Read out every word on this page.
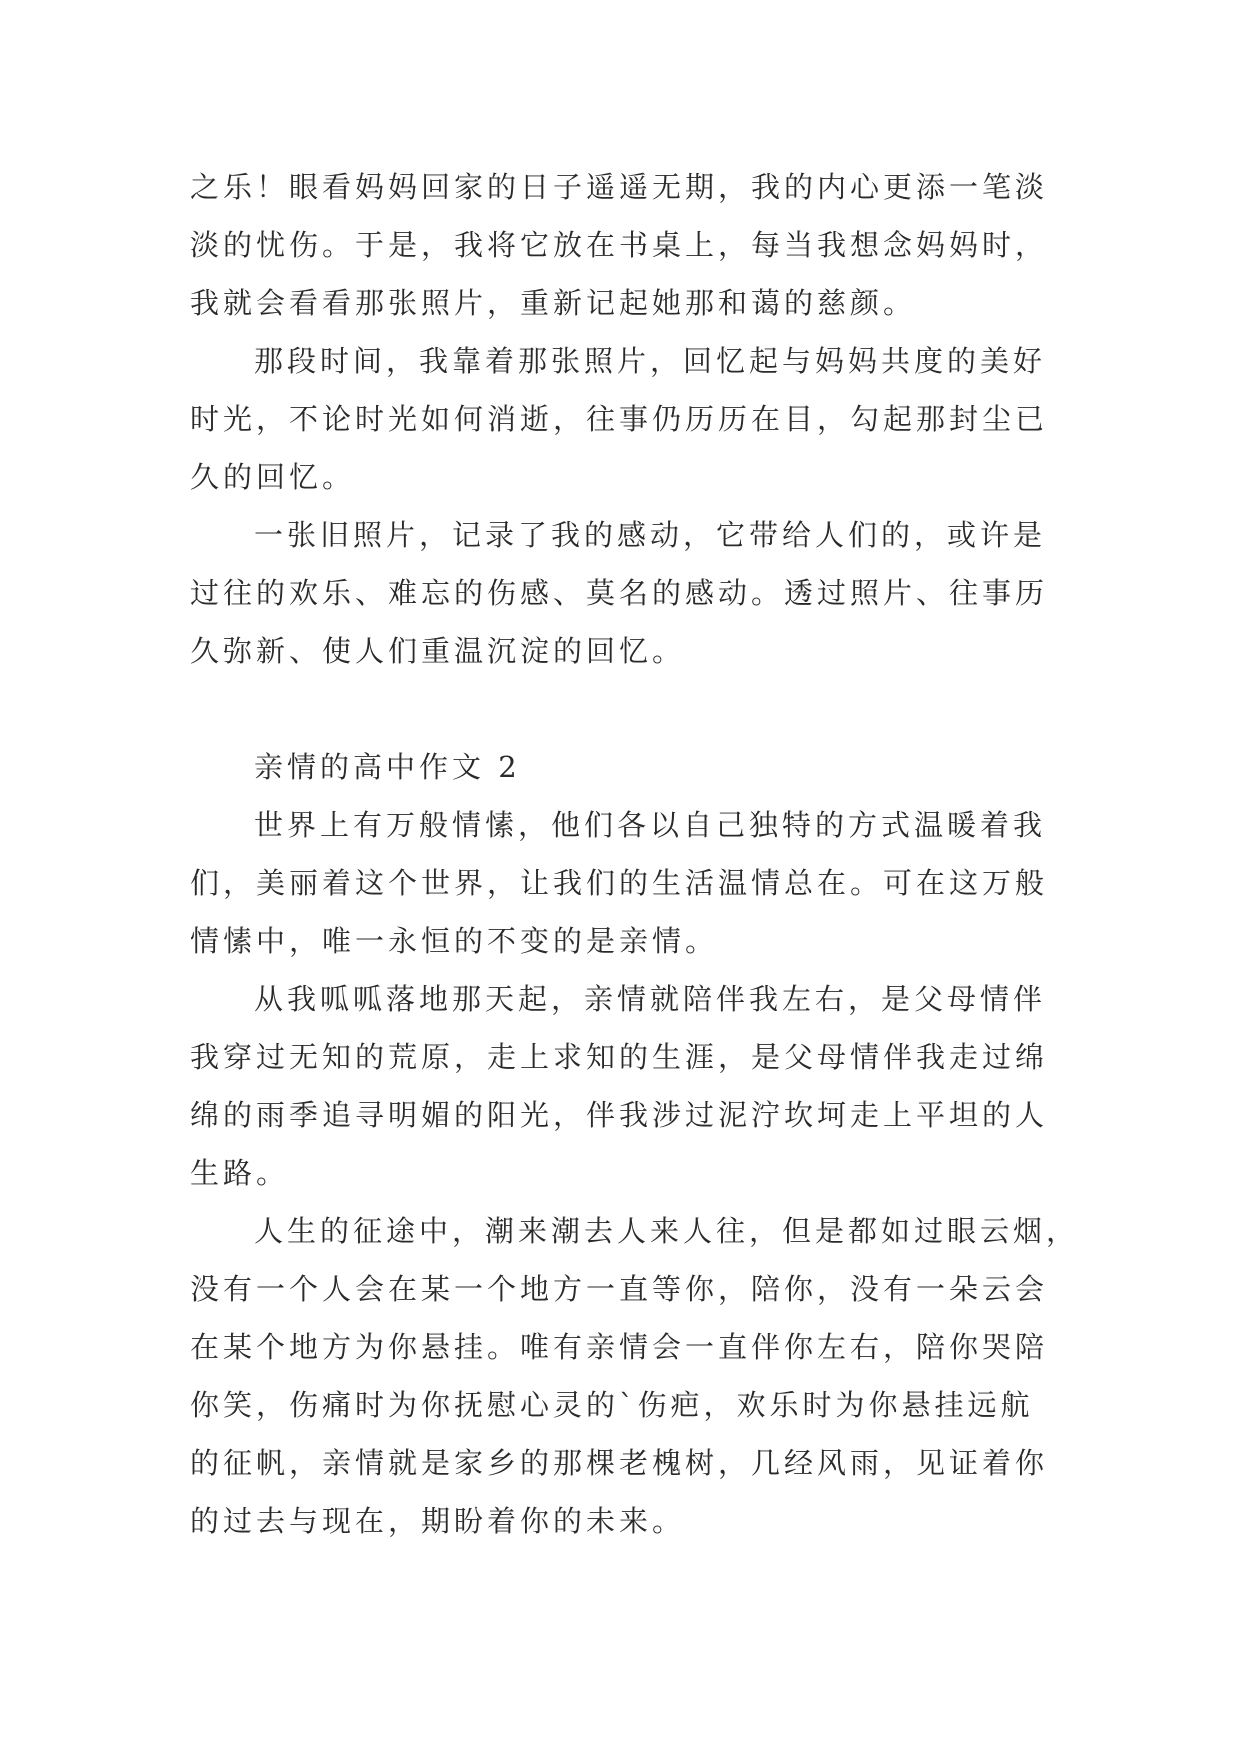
之乐！眼看妈妈回家的日子遥遥无期，我的内心更添一笔淡
淡的忧伤。于是，我将它放在书桌上，每当我想念妈妈时，
我就会看看那张照片，重新记起她那和蔼的慈颜。
那段时间，我靠着那张照片，回忆起与妈妈共度的美好
时光，不论时光如何消逝，往事仍历历在目，勾起那封尘已
久的回忆。
一张旧照片，记录了我的感动，它带给人们的，或许是
过往的欢乐、难忘的伤感、莫名的感动。透过照片、往事历
久弥新、使人们重温沉淀的回忆。
亲情的高中作文 2
世界上有万般情愫，他们各以自己独特的方式温暖着我
们，美丽着这个世界，让我们的生活温情总在。可在这万般
情愫中，唯一永恒的不变的是亲情。
从我呱呱落地那天起，亲情就陪伴我左右，是父母情伴
我穿过无知的荒原，走上求知的生涯，是父母情伴我走过绵
绵的雨季追寻明媚的阳光，伴我涉过泥泞坎坷走上平坦的人
生路。
人生的征途中，潮来潮去人来人往，但是都如过眼云烟，
没有一个人会在某一个地方一直等你，陪你，没有一朵云会
在某个地方为你悬挂。唯有亲情会一直伴你左右，陪你哭陪
你笑，伤痛时为你抚慰心灵的`伤疤，欢乐时为你悬挂远航
的征帆，亲情就是家乡的那棵老槐树，几经风雨，见证着你
的过去与现在，期盼着你的未来。
